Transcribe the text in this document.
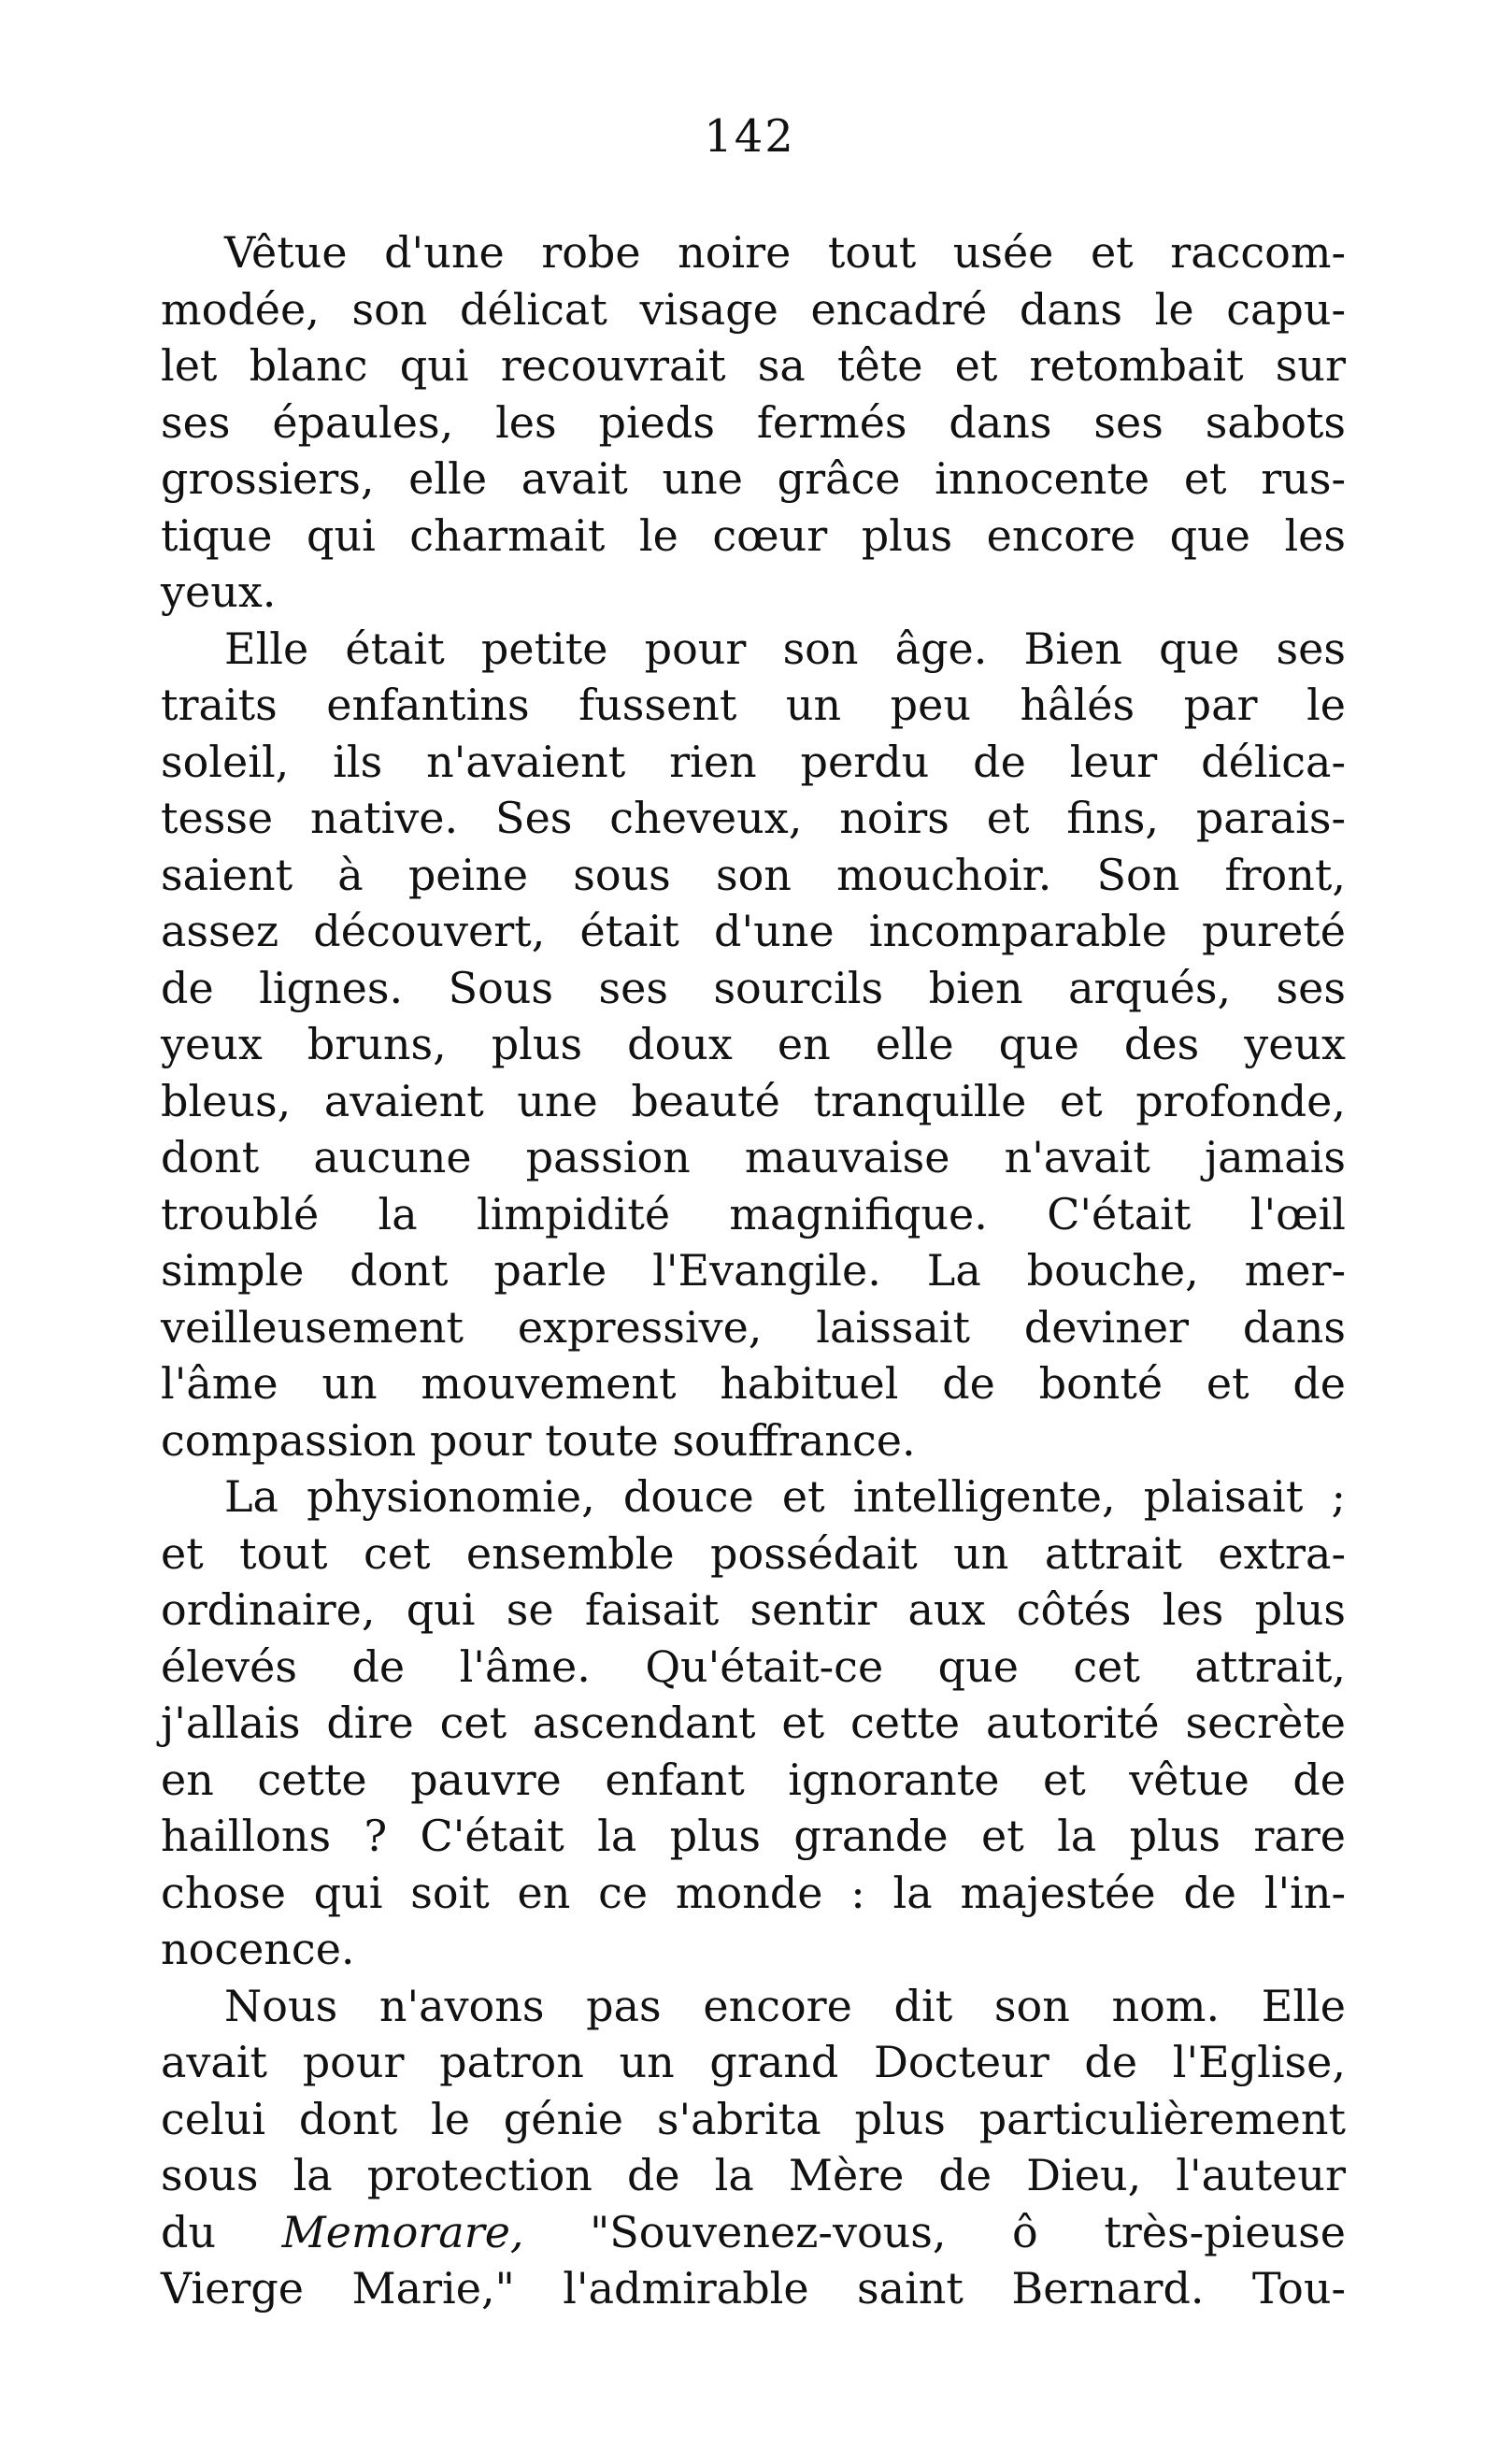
142
Vêtue d'une robe noire tout usée et raccom-
modée, son délicat visage encadré dans le capu-
let blanc qui recouvrait sa tête et retombait sur
ses épaules, les pieds fermés dans ses sabots
grossiers, elle avait une grâce innocente et rus-
tique qui charmait le cœur plus encore que les
yeux.
Elle était petite pour son âge. Bien que ses
traits enfantins fussent un peu hâlés par le
soleil, ils n'avaient rien perdu de leur délica-
tesse native. Ses cheveux, noirs et fins, parais-
saient à peine sous son mouchoir. Son front,
assez découvert, était d'une incomparable pureté
de lignes. Sous ses sourcils bien arqués, ses
yeux bruns, plus doux en elle que des yeux
bleus, avaient une beauté tranquille et profonde,
dont aucune passion mauvaise n'avait jamais
troublé la limpidité magnifique. C'était l'œil
simple dont parle l'Evangile. La bouche, mer-
veilleusement expressive, laissait deviner dans
l'âme un mouvement habituel de bonté et de
compassion pour toute souffrance.
La physionomie, douce et intelligente, plaisait ;
et tout cet ensemble possédait un attrait extra-
ordinaire, qui se faisait sentir aux côtés les plus
élevés de l'âme. Qu'était-ce que cet attrait,
j'allais dire cet ascendant et cette autorité secrète
en cette pauvre enfant ignorante et vêtue de
haillons ? C'était la plus grande et la plus rare
chose qui soit en ce monde : la majestée de l'in-
nocence.
Nous n'avons pas encore dit son nom. Elle
avait pour patron un grand Docteur de l'Eglise,
celui dont le génie s'abrita plus particulièrement
sous la protection de la Mère de Dieu, l'auteur
du Memorare, "Souvenez-vous, ô très-pieuse
Vierge Marie," l'admirable saint Bernard. Tou-
